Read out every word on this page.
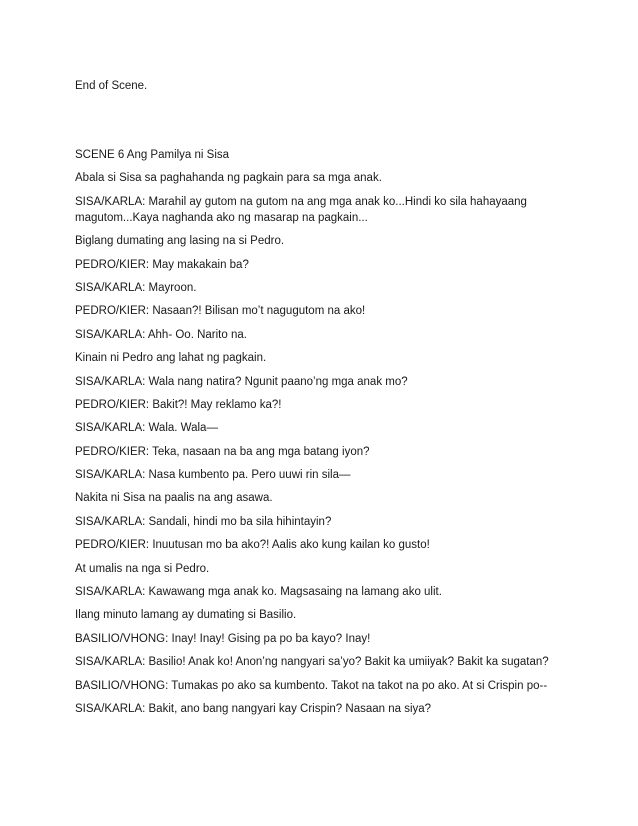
End of Scene.

SCENE 6 Ang Pamilya ni Sisa

Abala si Sisa sa paghahanda ng pagkain para sa mga anak.

SISA/KARLA: Marahil ay gutom na gutom na ang mga anak ko...Hindi ko sila hahayaang magutom...Kaya naghanda ako ng masarap na pagkain...

Biglang dumating ang lasing na si Pedro.

PEDRO/KIER: May makakain ba?

SISA/KARLA: Mayroon.

PEDRO/KIER: Nasaan?! Bilisan mo’t nagugutom na ako!

SISA/KARLA: Ahh- Oo. Narito na.

Kinain ni Pedro ang lahat ng pagkain.

SISA/KARLA: Wala nang natira? Ngunit paano’ng mga anak mo?

PEDRO/KIER: Bakit?! May reklamo ka?!

SISA/KARLA: Wala. Wala—

PEDRO/KIER: Teka, nasaan na ba ang mga batang iyon?

SISA/KARLA: Nasa kumbento pa. Pero uuwi rin sila—

Nakita ni Sisa na paalis na ang asawa.

SISA/KARLA: Sandali, hindi mo ba sila hihintayin?

PEDRO/KIER: Inuutusan mo ba ako?! Aalis ako kung kailan ko gusto!

At umalis na nga si Pedro.

SISA/KARLA: Kawawang mga anak ko. Magsasaing na lamang ako ulit.

Ilang minuto lamang ay dumating si Basilio.

BASILIO/VHONG: Inay! Inay! Gising pa po ba kayo? Inay!

SISA/KARLA: Basilio! Anak ko! Anon’ng nangyari sa’yo? Bakit ka umiiyak? Bakit ka sugatan?

BASILIO/VHONG: Tumakas po ako sa kumbento. Takot na takot na po ako. At si Crispin po--

SISA/KARLA: Bakit, ano bang nangyari kay Crispin? Nasaan na siya?
